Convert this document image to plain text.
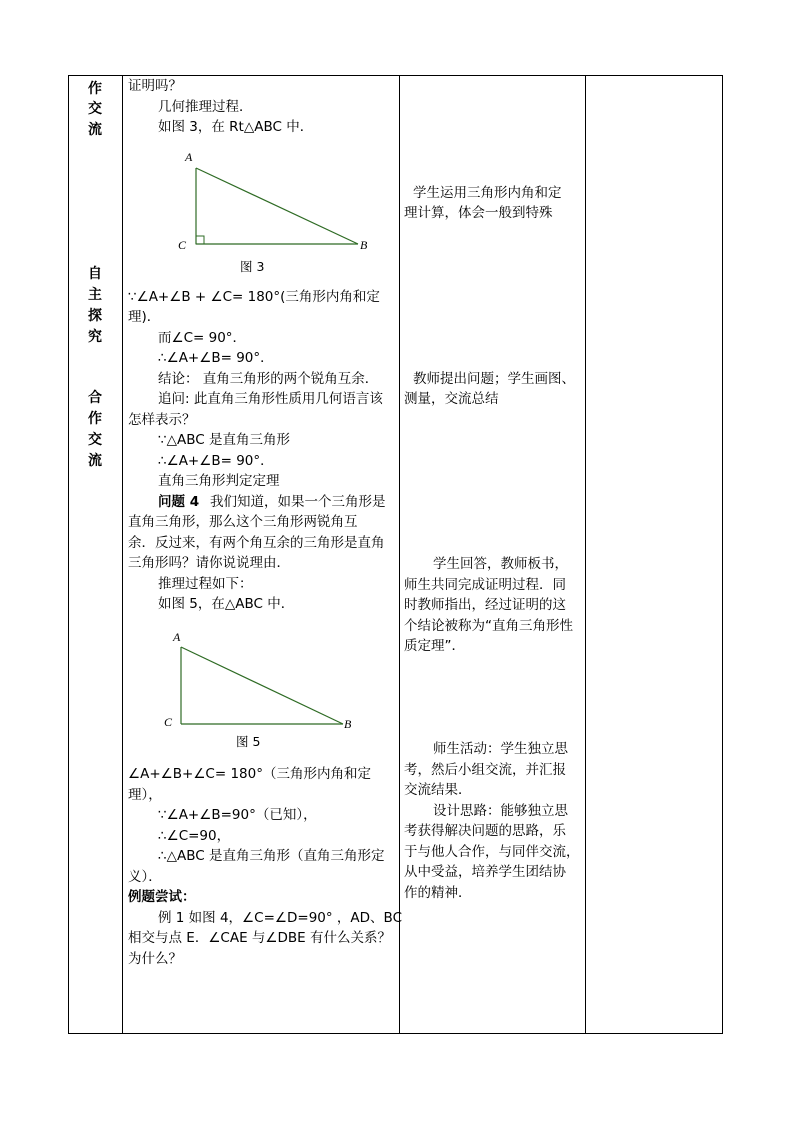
作
交
流
自
主
探
究
合
作
交
流
证明吗？
几何推理过程．
如图 3，在 Rt△ABC 中．
A
B
C
图 3
∵∠A+∠B + ∠C= 180°(三角形内角和定
理)．
而∠C= 90°．
∴∠A+∠B= 90°．
结论： 直角三角形的两个锐角互余．
追问: 此直角三角形性质用几何语言该
怎样表示？
∵△ABC 是直角三角形
∴∠A+∠B= 90°．
直角三角形判定定理
问题 4 我们知道，如果一个三角形是
直角三角形，那么这个三角形两锐角互
余．反过来，有两个角互余的三角形是直角
三角形吗？请你说说理由．
推理过程如下：
如图 5，在△ABC 中．
A
B
C
图 5
∠A+∠B+∠C= 180°（三角形内角和定
理），
∵∠A+∠B=90°（已知），
∴∠C=90，
∴△ABC 是直角三角形（直角三角形定
义）．
例题尝试：
例 1 如图 4，∠C=∠D=90° ，AD、BC
相交与点 E．∠CAE 与∠DBE 有什么关系？
为什么？
学生运用三角形内角和定
理计算，体会一般到特殊
教师提出问题；学生画图、
测量，交流总结
学生回答，教师板书，
师生共同完成证明过程．同
时教师指出，经过证明的这
个结论被称为“直角三角形性
质定理”．
师生活动：学生独立思
考，然后小组交流，并汇报
交流结果．
设计思路：能够独立思
考获得解决问题的思路，乐
于与他人合作，与同伴交流，
从中受益，培养学生团结协
作的精神．
